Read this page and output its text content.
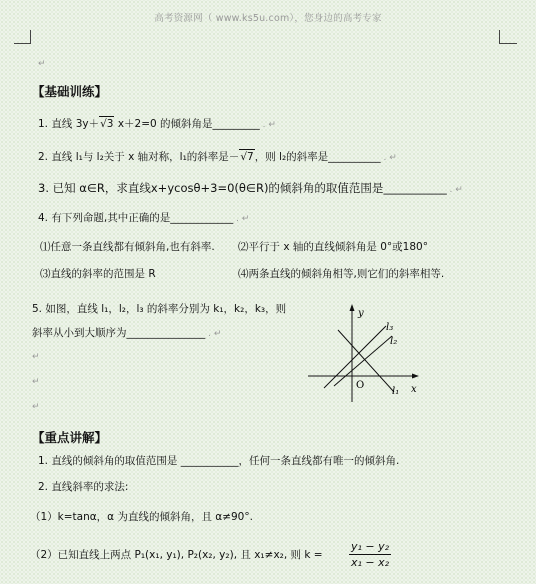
高考资源网（ www.ks5u.com），您身边的高考专家
↵
【基础训练】
1. 直线 3y＋√3 x＋2=0 的倾斜角是_________ . ↵
2. 直线 l₁与 l₂关于 x 轴对称，l₁的斜率是－√7，则 l₂的斜率是__________ . ↵
3. 已知 α∈R，求直线x+ycosθ+3=0(θ∈R)的倾斜角的取值范围是___________ . ↵
4. 有下列命题,其中正确的是____________ . ↵
⑴任意一条直线都有倾斜角,也有斜率. ⑵平行于 x 轴的直线倾斜角是 0°或180°
⑶直线的斜率的范围是 R	⑷两条直线的倾斜角相等,则它们的斜率相等.
5. 如图，直线 l₁，l₂，l₃ 的斜率分别为 k₁，k₂，k₃，则
斜率从小到大顺序为_______________ . ↵
↵
↵
↵
y
x
O
l₃
l₂
l₁
【重点讲解】
1. 直线的倾斜角的取值范围是 ___________，任何一条直线都有唯一的倾斜角.
2. 直线斜率的求法:
（1）k=tanα，α 为直线的倾斜角，且 α≠90°.
（2）已知直线上两点 P₁(x₁, y₁), P₂(x₂, y₂), 且 x₁≠x₂, 则 $k = \frac{\text{y₁ − y₂}}{\text{x₁ − x₂}}$
